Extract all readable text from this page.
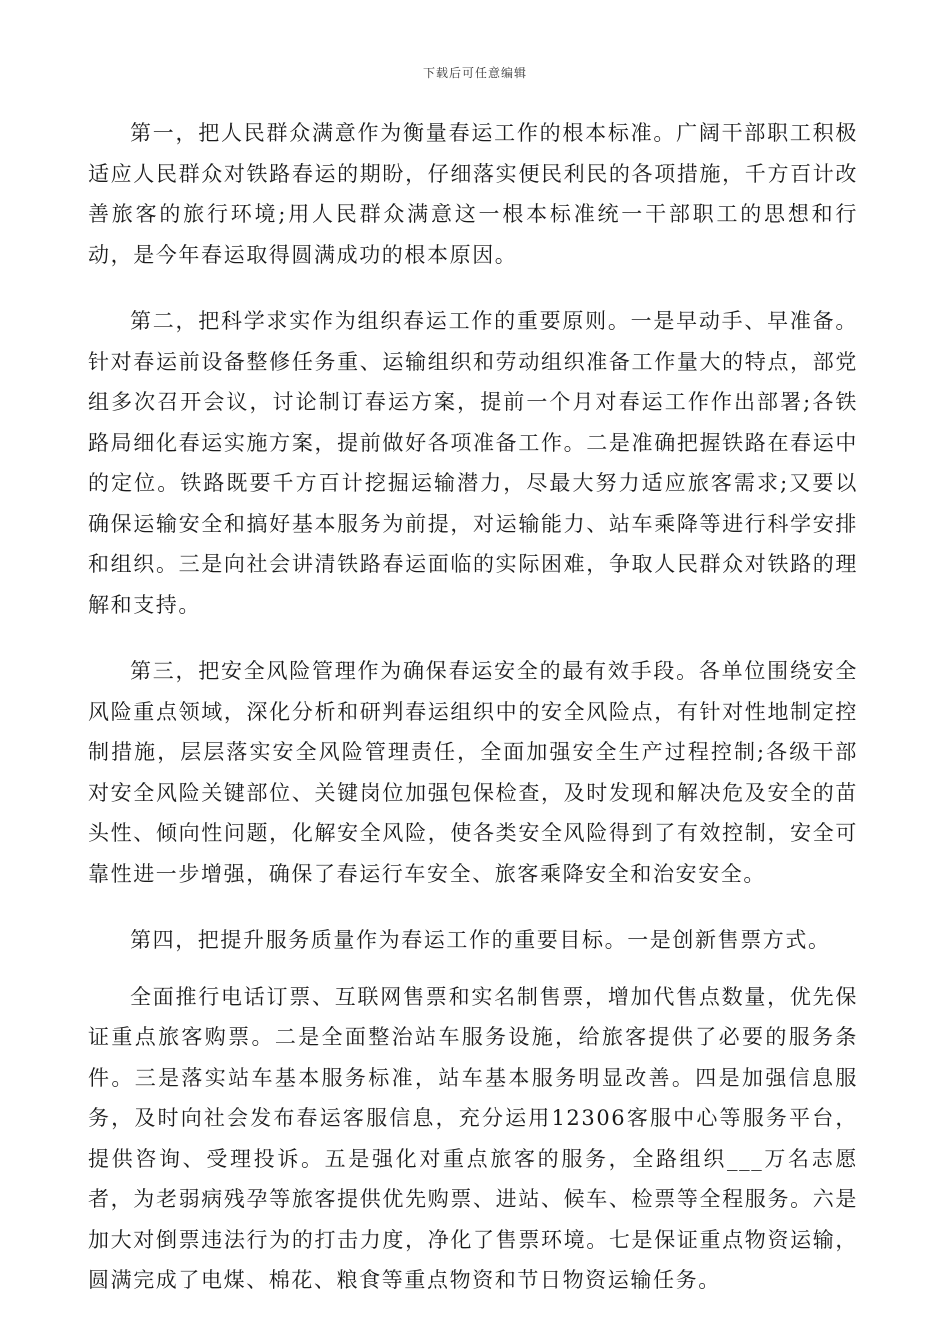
下载后可任意编辑

第一，把人民群众满意作为衡量春运工作的根本标准。广阔干部职工积极适应人民群众对铁路春运的期盼，仔细落实便民利民的各项措施，千方百计改善旅客的旅行环境;用人民群众满意这一根本标准统一干部职工的思想和行动，是今年春运取得圆满成功的根本原因。

第二，把科学求实作为组织春运工作的重要原则。一是早动手、早准备。针对春运前设备整修任务重、运输组织和劳动组织准备工作量大的特点，部党组多次召开会议，讨论制订春运方案，提前一个月对春运工作作出部署;各铁路局细化春运实施方案，提前做好各项准备工作。二是准确把握铁路在春运中的定位。铁路既要千方百计挖掘运输潜力，尽最大努力适应旅客需求;又要以确保运输安全和搞好基本服务为前提，对运输能力、站车乘降等进行科学安排和组织。三是向社会讲清铁路春运面临的实际困难，争取人民群众对铁路的理解和支持。

第三，把安全风险管理作为确保春运安全的最有效手段。各单位围绕安全风险重点领域，深化分析和研判春运组织中的安全风险点，有针对性地制定控制措施，层层落实安全风险管理责任，全面加强安全生产过程控制;各级干部对安全风险关键部位、关键岗位加强包保检查，及时发现和解决危及安全的苗头性、倾向性问题，化解安全风险，使各类安全风险得到了有效控制，安全可靠性进一步增强，确保了春运行车安全、旅客乘降安全和治安安全。

第四，把提升服务质量作为春运工作的重要目标。一是创新售票方式。

全面推行电话订票、互联网售票和实名制售票，增加代售点数量，优先保证重点旅客购票。二是全面整治站车服务设施，给旅客提供了必要的服务条件。三是落实站车基本服务标准，站车基本服务明显改善。四是加强信息服务，及时向社会发布春运客服信息，充分运用12306客服中心等服务平台，提供咨询、受理投诉。五是强化对重点旅客的服务，全路组织___万名志愿者，为老弱病残孕等旅客提供优先购票、进站、候车、检票等全程服务。六是加大对倒票违法行为的打击力度，净化了售票环境。七是保证重点物资运输，圆满完成了电煤、棉花、粮食等重点物资和节日物资运输任务。
